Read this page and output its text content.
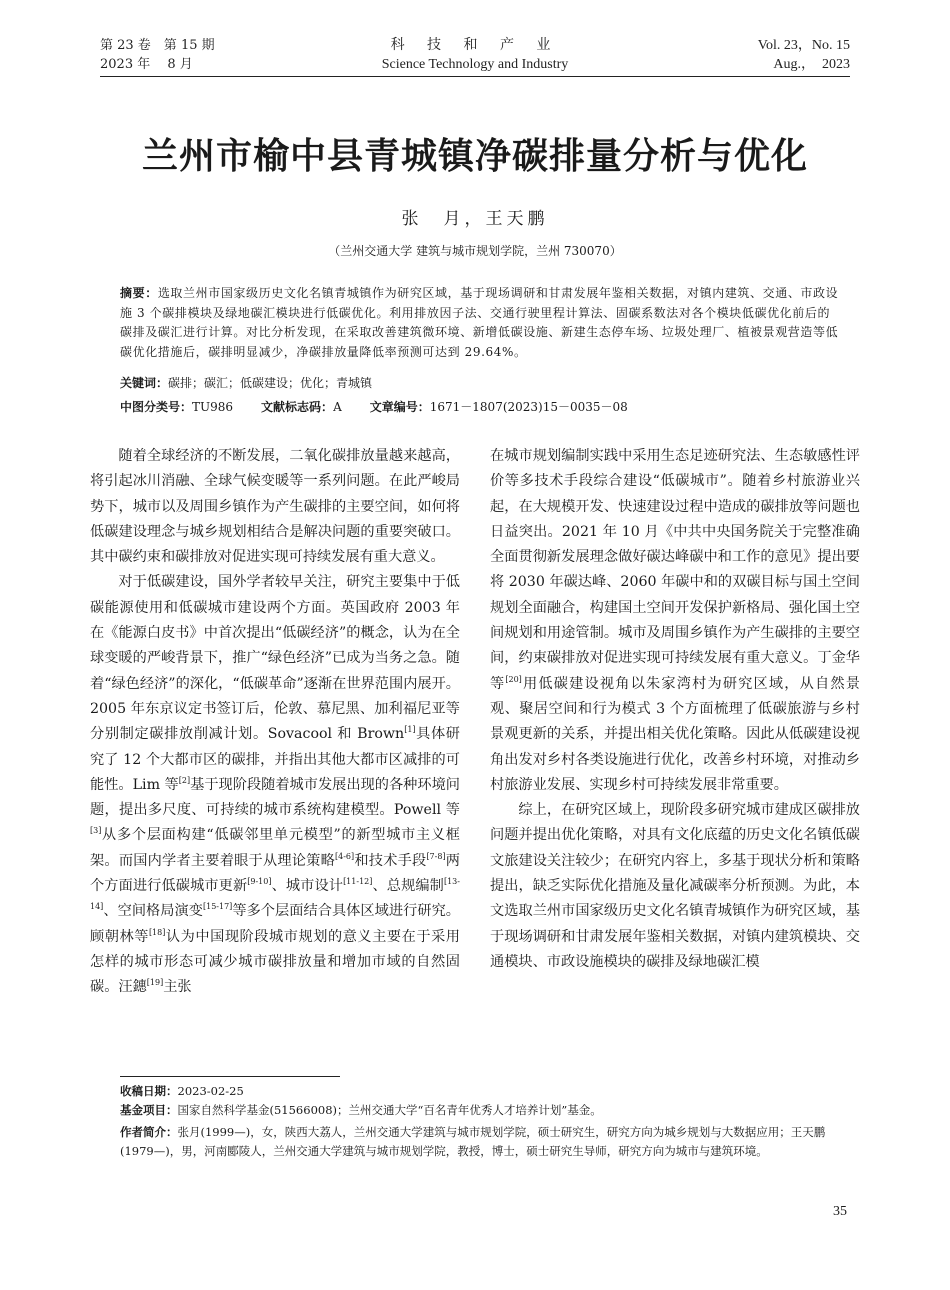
第 23 卷　第 15 期
2023 年　 8 月
科 技 和 产 业
Science Technology and Industry
Vol. 23，No. 15
Aug.，　2023
兰州市榆中县青城镇净碳排量分析与优化
张　月，王天鹏
（兰州交通大学 建筑与城市规划学院，兰州 730070）
摘要：选取兰州市国家级历史文化名镇青城镇作为研究区域，基于现场调研和甘肃发展年鉴相关数据，对镇内建筑、交通、市政设施 3 个碳排模块及绿地碳汇模块进行低碳优化。利用排放因子法、交通行驶里程计算法、固碳系数法对各个模块低碳优化前后的碳排及碳汇进行计算。对比分析发现，在采取改善建筑微环境、新增低碳设施、新建生态停车场、垃圾处理厂、植被景观营造等低碳优化措施后，碳排明显减少，净碳排放量降低率预测可达到 29.64%。
关键词：碳排；碳汇；低碳建设；优化；青城镇
中图分类号：TU986 文献标志码：A 文章编号：1671－1807(2023)15－0035－08

随着全球经济的不断发展，二氧化碳排放量越来越高，将引起冰川消融、全球气候变暖等一系列问题。在此严峻局势下，城市以及周围乡镇作为产生碳排的主要空间，如何将低碳建设理念与城乡规划相结合是解决问题的重要突破口。其中碳约束和碳排放对促进实现可持续发展有重大意义。

对于低碳建设，国外学者较早关注，研究主要集中于低碳能源使用和低碳城市建设两个方面。英国政府 2003 年在《能源白皮书》中首次提出“低碳经济”的概念，认为在全球变暖的严峻背景下，推广“绿色经济”已成为当务之急。随着“绿色经济”的深化，“低碳革命”逐渐在世界范围内展开。2005 年东京议定书签订后，伦敦、慕尼黑、加利福尼亚等分别制定碳排放削减计划。Sovacool 和 Brown[1]具体研究了 12 个大都市区的碳排，并指出其他大都市区减排的可能性。Lim 等[2]基于现阶段随着城市发展出现的各种环境问题，提出多尺度、可持续的城市系统构建模型。Powell 等[3]从多个层面构建“低碳邻里单元模型”的新型城市主义框架。而国内学者主要着眼于从理论策略[4-6]和技术手段[7-8]两个方面进行低碳城市更新[9-10]、城市设计[11-12]、总规编制[13-14]、空间格局演变[15-17]等多个层面结合具体区域进行研究。顾朝林等[18]认为中国现阶段城市规划的意义主要在于采用怎样的城市形态可减少城市碳排放量和增加市域的自然固碳。汪鏸[19]主张

在城市规划编制实践中采用生态足迹研究法、生态敏感性评价等多技术手段综合建设“低碳城市”。随着乡村旅游业兴起，在大规模开发、快速建设过程中造成的碳排放等问题也日益突出。2021 年 10 月《中共中央国务院关于完整准确全面贯彻新发展理念做好碳达峰碳中和工作的意见》提出要将 2030 年碳达峰、2060 年碳中和的双碳目标与国土空间规划全面融合，构建国土空间开发保护新格局、强化国土空间规划和用途管制。城市及周围乡镇作为产生碳排的主要空间，约束碳排放对促进实现可持续发展有重大意义。丁金华等[20]用低碳建设视角以朱家湾村为研究区域，从自然景观、聚居空间和行为模式 3 个方面梳理了低碳旅游与乡村景观更新的关系，并提出相关优化策略。因此从低碳建设视角出发对乡村各类设施进行优化，改善乡村环境，对推动乡村旅游业发展、实现乡村可持续发展非常重要。

综上，在研究区域上，现阶段多研究城市建成区碳排放问题并提出优化策略，对具有文化底蕴的历史文化名镇低碳文旅建设关注较少；在研究内容上，多基于现状分析和策略提出，缺乏实际优化措施及量化减碳率分析预测。为此，本文选取兰州市国家级历史文化名镇青城镇作为研究区域，基于现场调研和甘肃发展年鉴相关数据，对镇内建筑模块、交通模块、市政设施模块的碳排及绿地碳汇模

收稿日期：2023-02-25
基金项目：国家自然科学基金(51566008)；兰州交通大学“百名青年优秀人才培养计划”基金。
作者简介：张月(1999—)，女，陕西大荔人，兰州交通大学建筑与城市规划学院，硕士研究生，研究方向为城乡规划与大数据应用；王天鹏(1979—)，男，河南郾陵人，兰州交通大学建筑与城市规划学院，教授，博士，硕士研究生导师，研究方向为城市与建筑环境。
35
